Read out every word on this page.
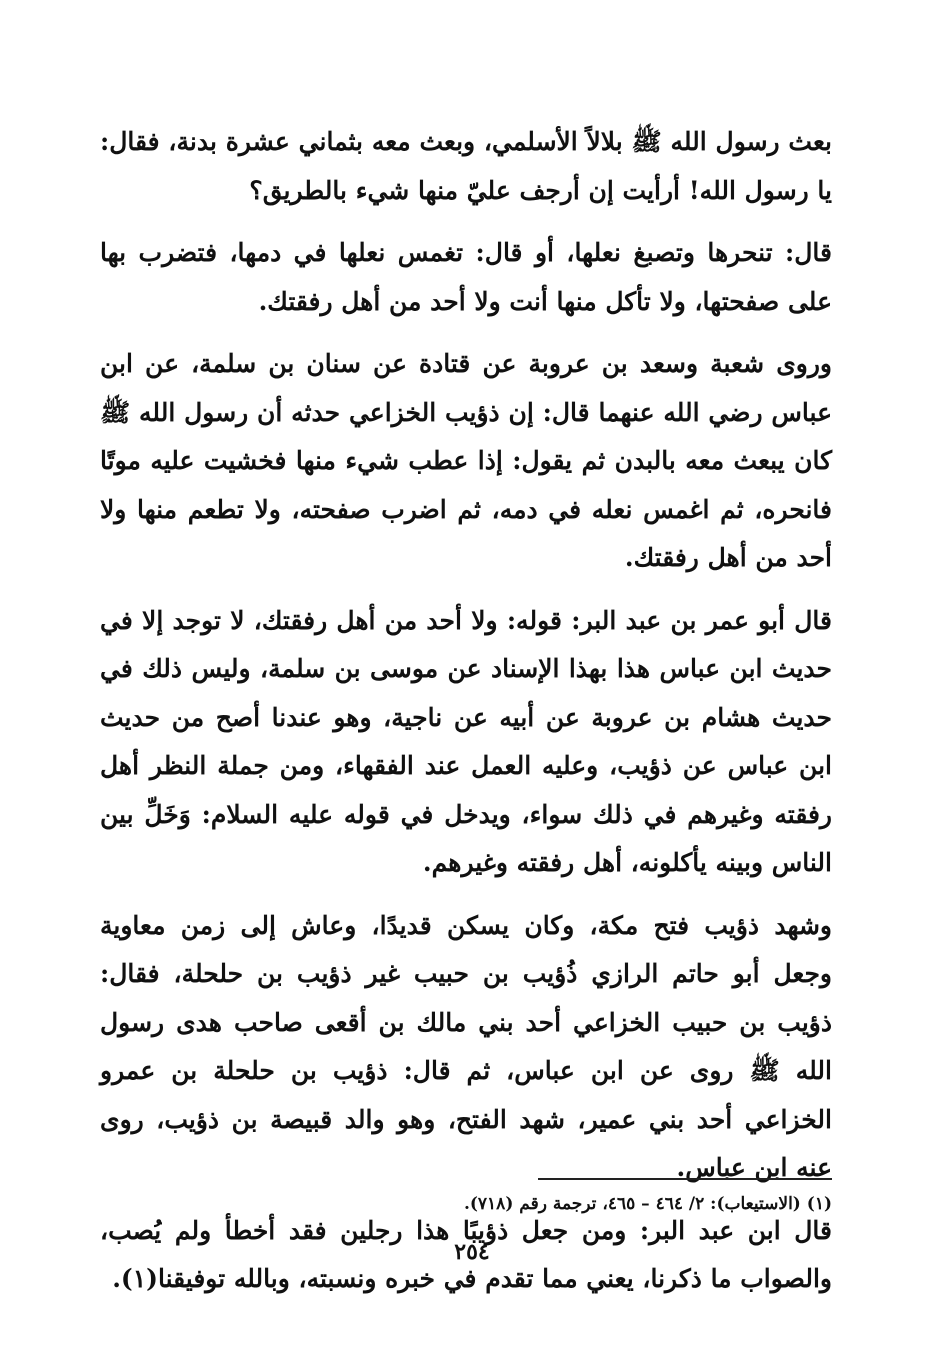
بعث رسول الله ﷺ بلالاً الأسلمي، وبعث معه بثماني عشرة بدنة، فقال: يا رسول الله! أرأيت إن أرجف عليّ منها شيء بالطريق؟

قال: تنحرها وتصبغ نعلها، أو قال: تغمس نعلها في دمها، فتضرب بها على صفحتها، ولا تأكل منها أنت ولا أحد من أهل رفقتك.

وروى شعبة وسعد بن عروبة عن قتادة عن سنان بن سلمة، عن ابن عباس رضي الله عنهما قال: إن ذؤيب الخزاعي حدثه أن رسول الله ﷺ كان يبعث معه بالبدن ثم يقول: إذا عطب شيء منها فخشيت عليه موتًا فانحره، ثم اغمس نعله في دمه، ثم اضرب صفحته، ولا تطعم منها ولا أحد من أهل رفقتك.

قال أبو عمر بن عبد البر: قوله: ولا أحد من أهل رفقتك، لا توجد إلا في حديث ابن عباس هذا بهذا الإسناد عن موسى بن سلمة، وليس ذلك في حديث هشام بن عروبة عن أبيه عن ناجية، وهو عندنا أصح من حديث ابن عباس عن ذؤيب، وعليه العمل عند الفقهاء، ومن جملة النظر أهل رفقته وغيرهم في ذلك سواء، ويدخل في قوله عليه السلام: وَخَلِّ بين الناس وبينه يأكلونه، أهل رفقته وغيرهم.

وشهد ذؤيب فتح مكة، وكان يسكن قديدًا، وعاش إلى زمن معاوية وجعل أبو حاتم الرازي ذُؤيب بن حبيب غير ذؤيب بن حلحلة، فقال: ذؤيب بن حبيب الخزاعي أحد بني مالك بن أقعى صاحب هدى رسول الله ﷺ روى عن ابن عباس، ثم قال: ذؤيب بن حلحلة بن عمرو الخزاعي أحد بني عمير، شهد الفتح، وهو والد قبيصة بن ذؤيب، روى عنه ابن عباس.

قال ابن عبد البر: ومن جعل ذؤيبًا هذا رجلين فقد أخطأ ولم يُصب، والصواب ما ذكرنا، يعني مما تقدم في خبره ونسبته، وبالله توفيقنا(١).

(١) (الاستيعاب): ٢/ ٤٦٤ – ٤٦٥، ترجمة رقم (٧١٨).
٢٥٤
